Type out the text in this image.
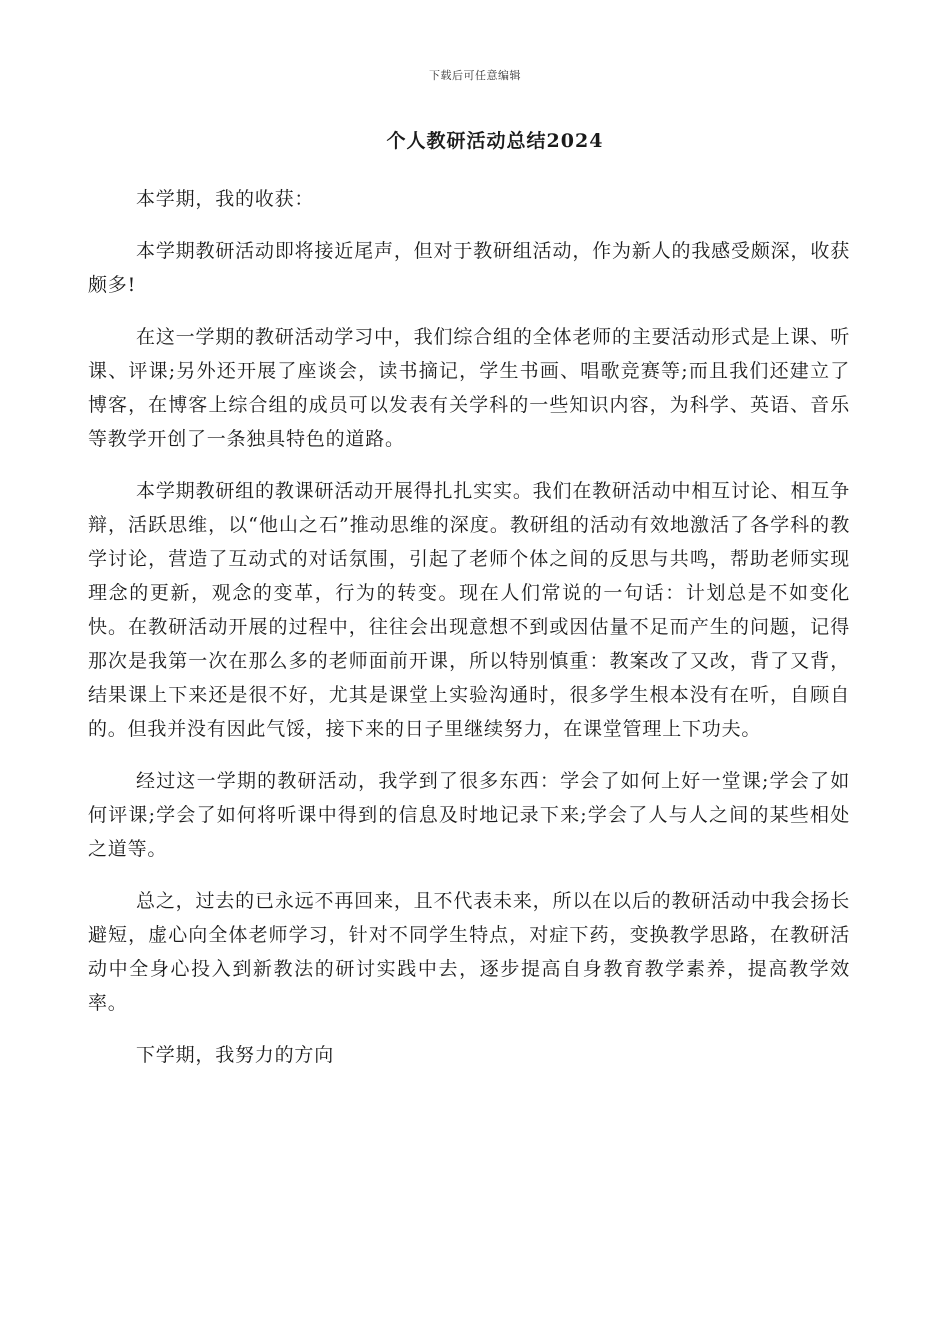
下载后可任意编辑
个人教研活动总结2024

本学期，我的收获：

本学期教研活动即将接近尾声，但对于教研组活动，作为新人的我感受颇深，收获颇多!

在这一学期的教研活动学习中，我们综合组的全体老师的主要活动形式是上课、听课、评课;另外还开展了座谈会，读书摘记，学生书画、唱歌竞赛等;而且我们还建立了博客，在博客上综合组的成员可以发表有关学科的一些知识内容，为科学、英语、音乐等教学开创了一条独具特色的道路。

本学期教研组的教课研活动开展得扎扎实实。我们在教研活动中相互讨论、相互争辩，活跃思维，以“他山之石”推动思维的深度。教研组的活动有效地激活了各学科的教学讨论，营造了互动式的对话氛围，引起了老师个体之间的反思与共鸣，帮助老师实现理念的更新，观念的变革，行为的转变。现在人们常说的一句话：计划总是不如变化快。在教研活动开展的过程中，往往会出现意想不到或因估量不足而产生的问题，记得那次是我第一次在那么多的老师面前开课，所以特别慎重：教案改了又改，背了又背，结果课上下来还是很不好，尤其是课堂上实验沟通时，很多学生根本没有在听，自顾自的。但我并没有因此气馁，接下来的日子里继续努力，在课堂管理上下功夫。

经过这一学期的教研活动，我学到了很多东西：学会了如何上好一堂课;学会了如何评课;学会了如何将听课中得到的信息及时地记录下来;学会了人与人之间的某些相处之道等。

总之，过去的已永远不再回来，且不代表未来，所以在以后的教研活动中我会扬长避短，虚心向全体老师学习，针对不同学生特点，对症下药，变换教学思路，在教研活动中全身心投入到新教法的研讨实践中去，逐步提高自身教育教学素养，提高教学效率。

下学期，我努力的方向
